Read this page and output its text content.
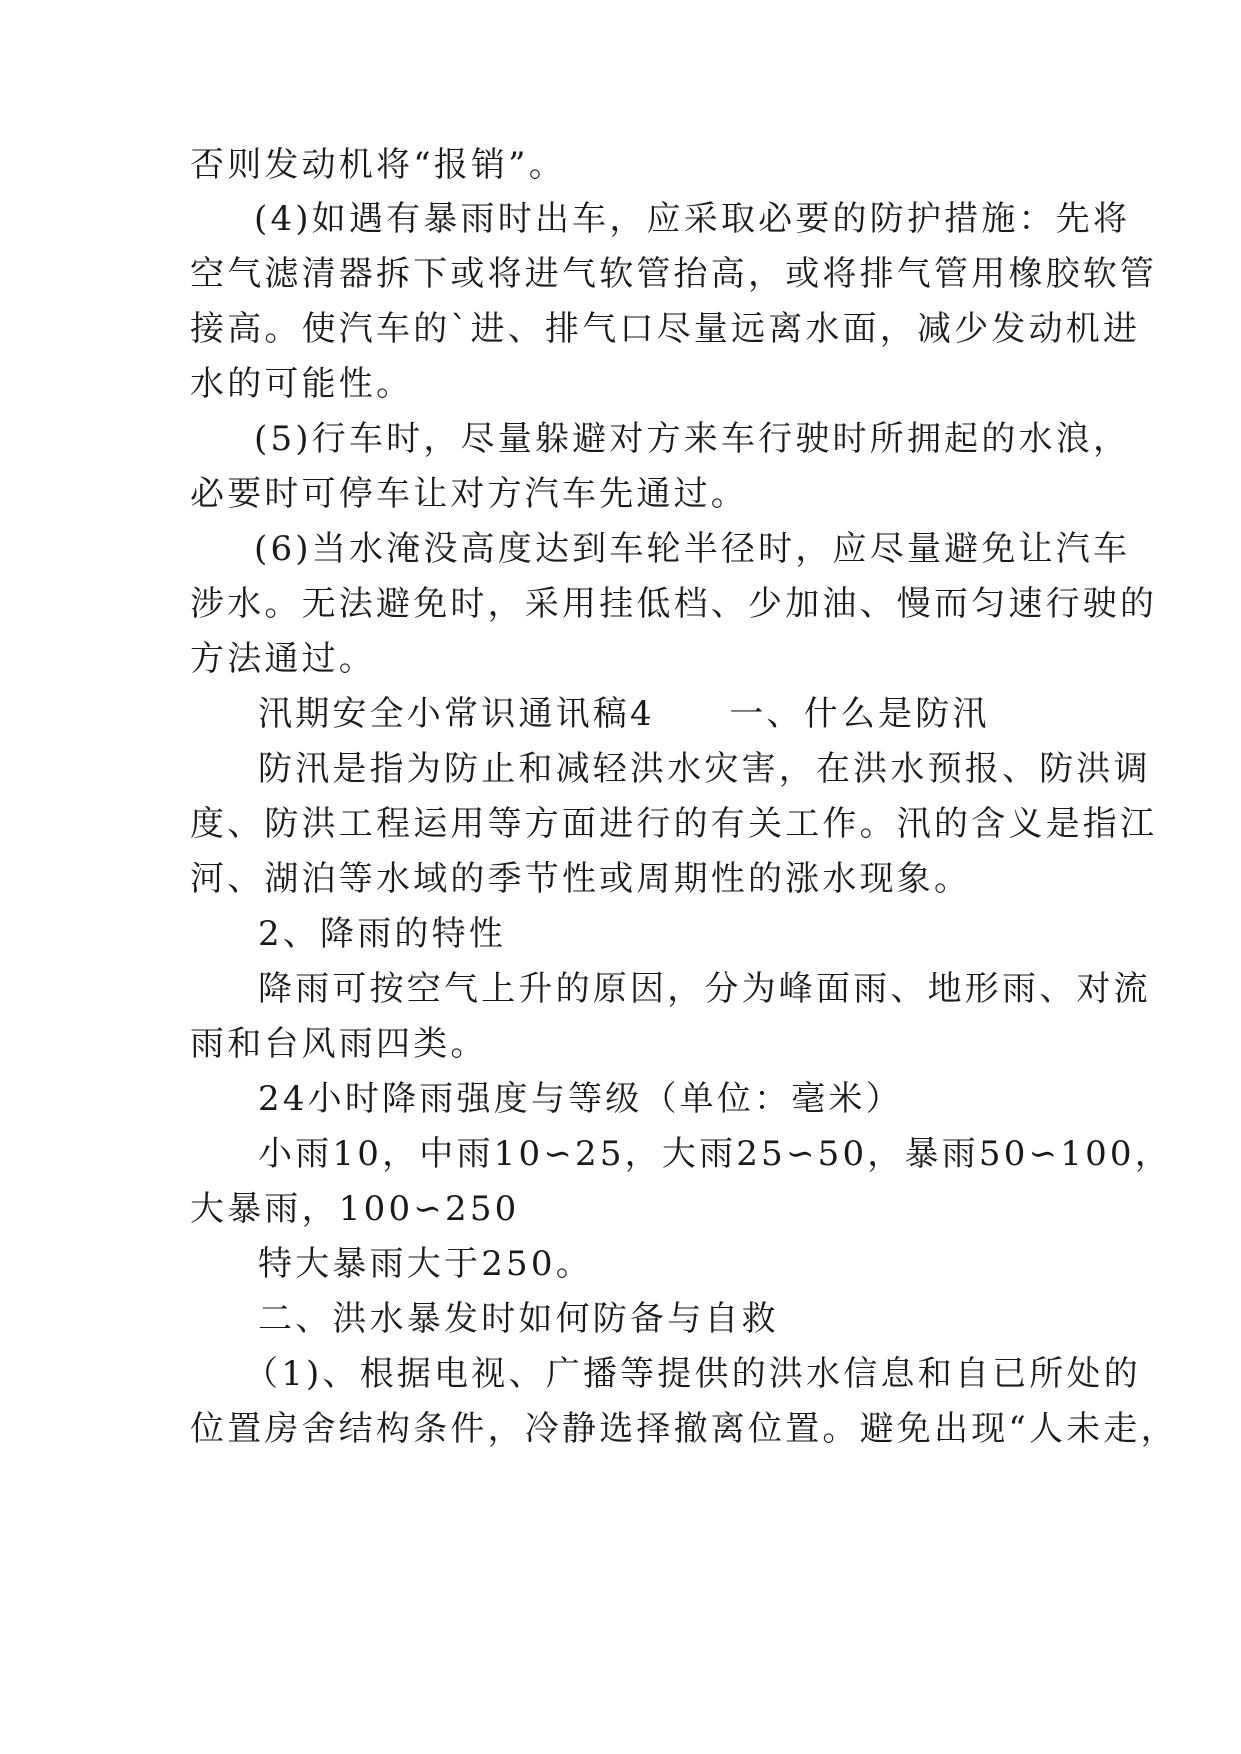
否则发动机将“报销”。
(4)如遇有暴雨时出车，应采取必要的防护措施：先将
空气滤清器拆下或将进气软管抬高，或将排气管用橡胶软管
接高。使汽车的`进、排气口尽量远离水面，减少发动机进
水的可能性。
(5)行车时，尽量躲避对方来车行驶时所拥起的水浪，
必要时可停车让对方汽车先通过。
(6)当水淹没高度达到车轮半径时，应尽量避免让汽车
涉水。无法避免时，采用挂低档、少加油、慢而匀速行驶的
方法通过。
汛期安全小常识通讯稿4　　一、什么是防汛
防汛是指为防止和减轻洪水灾害，在洪水预报、防洪调
度、防洪工程运用等方面进行的有关工作。汛的含义是指江
河、湖泊等水域的季节性或周期性的涨水现象。
2、降雨的特性
降雨可按空气上升的原因，分为峰面雨、地形雨、对流
雨和台风雨四类。
24小时降雨强度与等级（单位：毫米）
小雨10，中雨10∽25，大雨25∽50，暴雨50∽100，
大暴雨，100∽250
特大暴雨大于250。
二、洪水暴发时如何防备与自救
（1)、根据电视、广播等提供的洪水信息和自已所处的
位置房舍结构条件，冷静选择撤离位置。避免出现“人未走，
